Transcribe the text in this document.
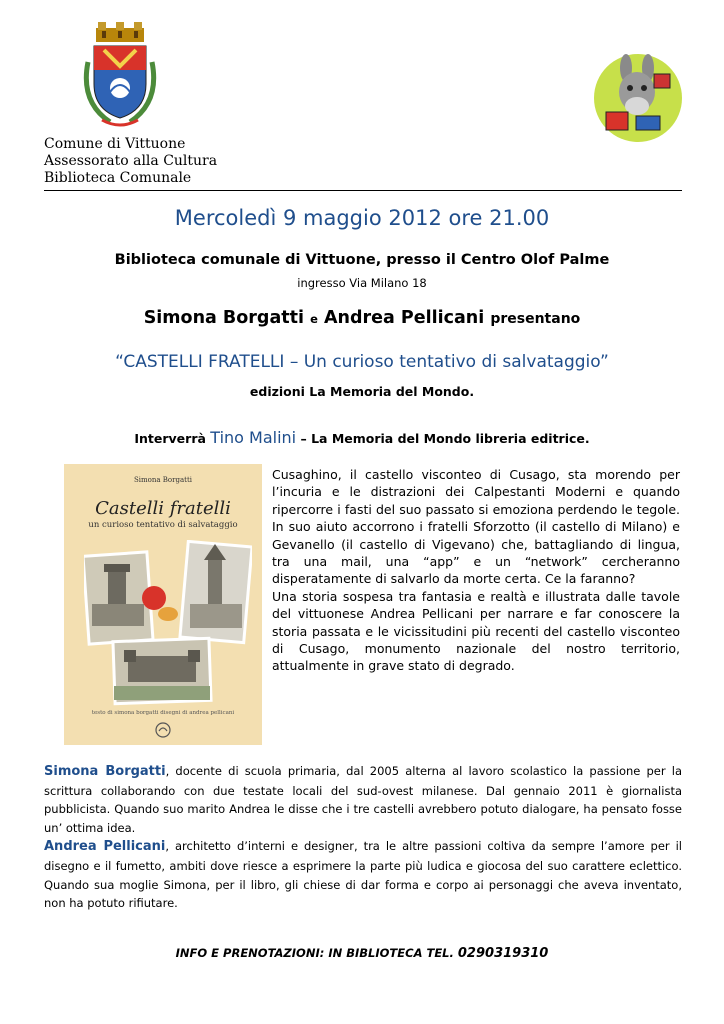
Comune di Vittuone
Assessorato alla Cultura
Biblioteca Comunale
Mercoledì 9 maggio 2012 ore 21.00
Biblioteca comunale di Vittuone, presso il Centro Olof Palme
ingresso Via Milano 18
Simona Borgatti e Andrea Pellicani presentano
“CASTELLI FRATELLI – Un curioso tentativo di salvataggio”
edizioni La Memoria del Mondo.
Interverrà Tino Malini – La Memoria del Mondo libreria editrice.
Simona Borgatti
Castelli fratelli
un curioso tentativo di salvataggio
testo di simona borgatti disegni di andrea pellicani

Cusaghino, il castello visconteo di Cusago, sta morendo per l’incuria e le distrazioni dei Calpestanti Moderni e quando ripercorre i fasti del suo passato si emoziona perdendo le tegole. In suo aiuto accorrono i fratelli Sforzotto (il castello di Milano) e Gevanello (il castello di Vigevano) che, battagliando di lingua, tra una mail, una “app” e un “network” cercheranno disperatamente di salvarlo da morte certa. Ce la faranno?

Una storia sospesa tra fantasia e realtà e illustrata dalle tavole del vittuonese Andrea Pellicani per narrare e far conoscere la storia passata e le vicissitudini più recenti del castello visconteo di Cusago, monumento nazionale del nostro territorio, attualmente in grave stato di degrado.

Simona Borgatti, docente di scuola primaria, dal 2005 alterna al lavoro scolastico la passione per la scrittura collaborando con due testate locali del sud-ovest milanese. Dal gennaio 2011 è giornalista pubblicista. Quando suo marito Andrea le disse che i tre castelli avrebbero potuto dialogare, ha pensato fosse un’ ottima idea.

Andrea Pellicani, architetto d’interni e designer, tra le altre passioni coltiva da sempre l’amore per il disegno e il fumetto, ambiti dove riesce a esprimere la parte più ludica e giocosa del suo carattere eclettico. Quando sua moglie Simona, per il libro, gli chiese di dar forma e corpo ai personaggi che aveva inventato, non ha potuto rifiutare.

INFO E PRENOTAZIONI: IN BIBLIOTECA TEL. 0290319310
